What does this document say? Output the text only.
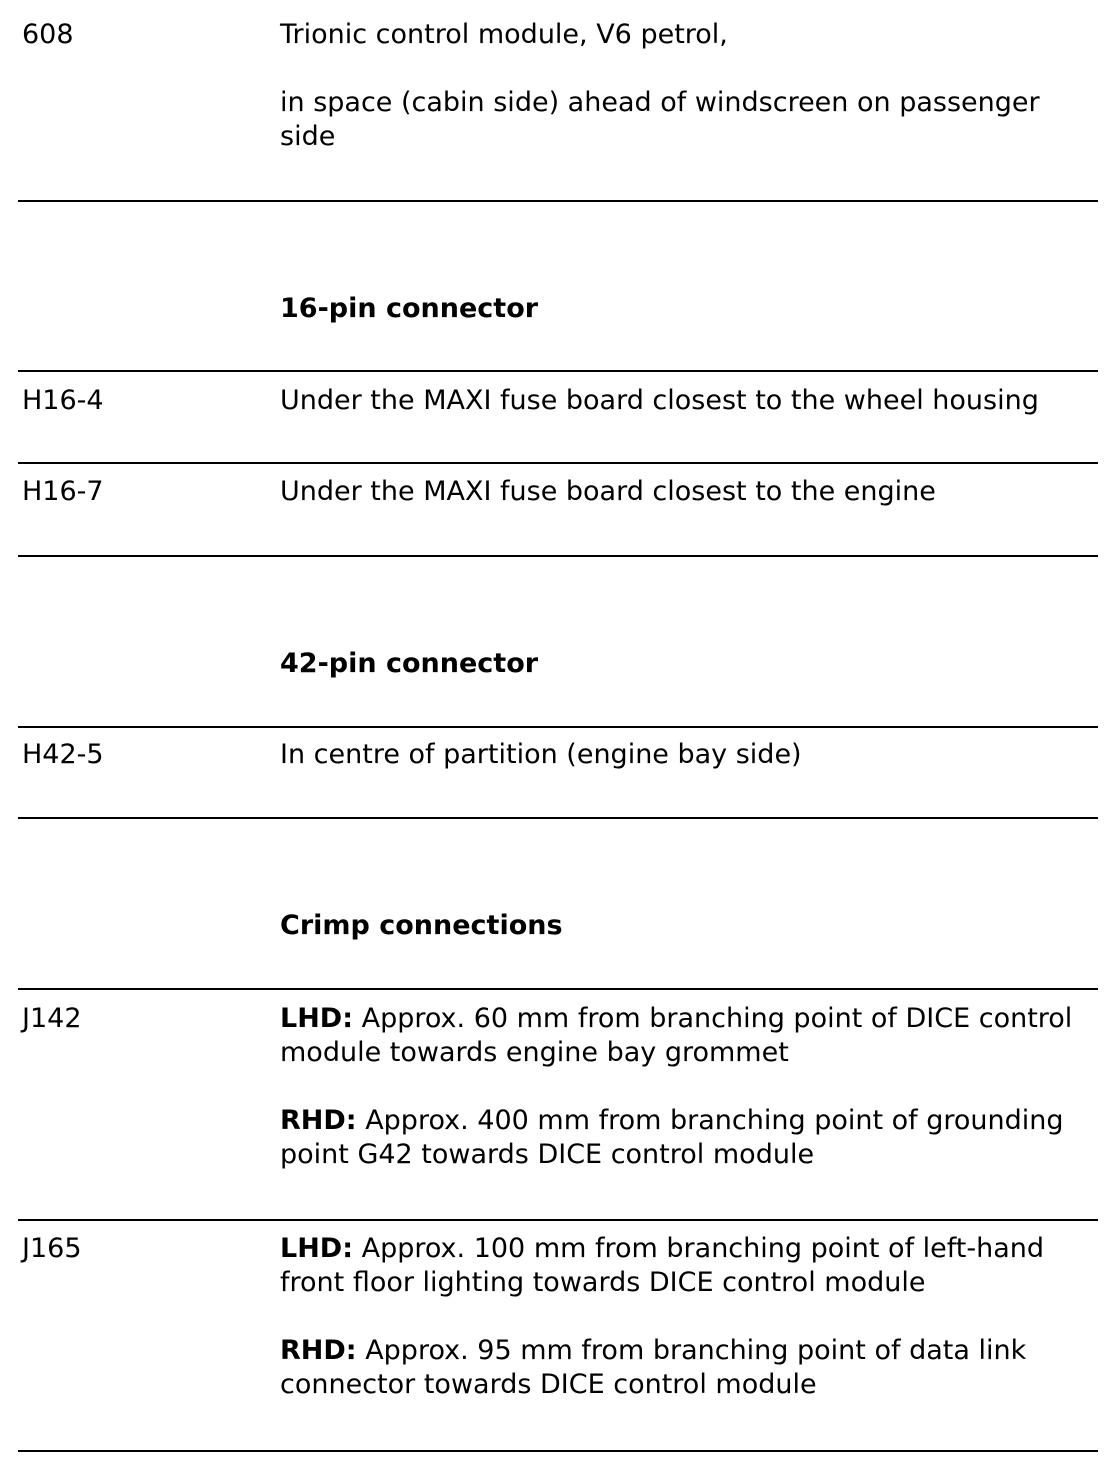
608	Trionic control module, V6 petrol,

in space (cabin side) ahead of windscreen on passenger side

16-pin connector
H16-4	Under the MAXI fuse board closest to the wheel housing
H16-7	Under the MAXI fuse board closest to the engine
42-pin connector
H42-5	In centre of partition (engine bay side)
Crimp connections
J142	LHD: Approx. 60 mm from branching point of DICE control module towards engine bay grommet

RHD: Approx. 400 mm from branching point of grounding point G42 towards DICE control module

J165	LHD: Approx. 100 mm from branching point of left-hand front floor lighting towards DICE control module

RHD: Approx. 95 mm from branching point of data link connector towards DICE control module
